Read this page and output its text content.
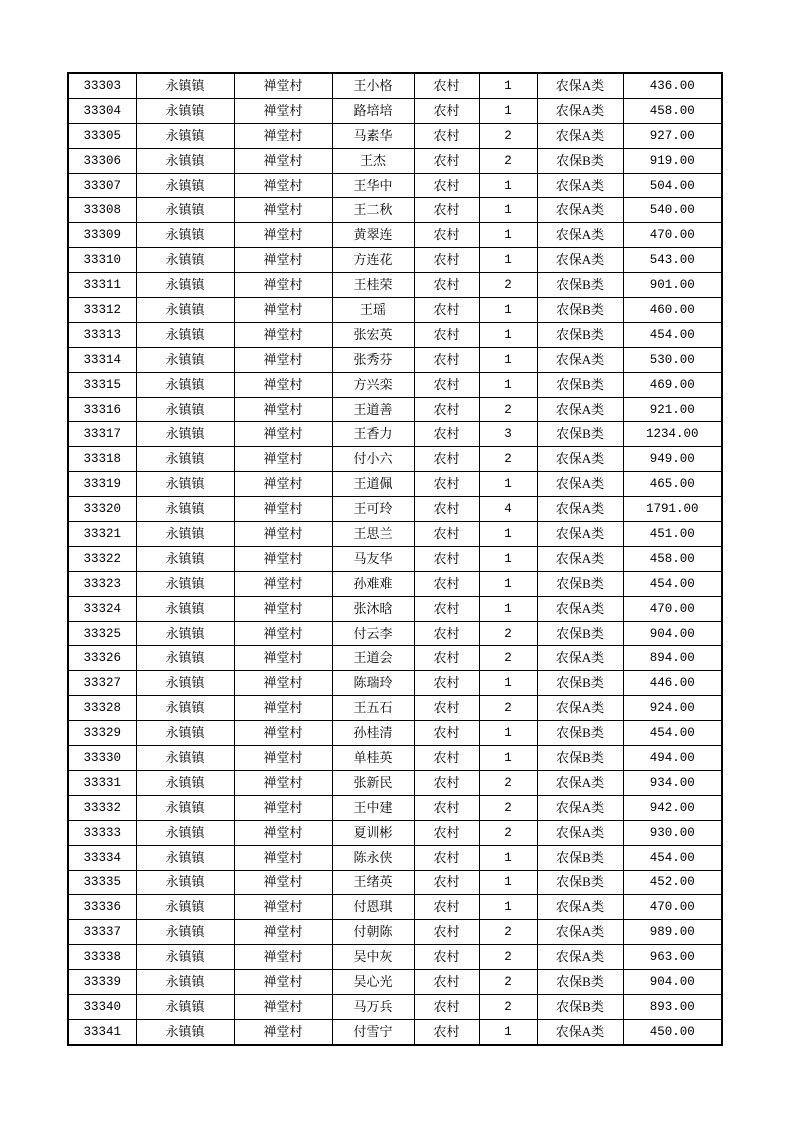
33303	永镇镇	禅堂村	王小格	农村	1	农保A类	436.00
33304	永镇镇	禅堂村	路培培	农村	1	农保A类	458.00
33305	永镇镇	禅堂村	马素华	农村	2	农保A类	927.00
33306	永镇镇	禅堂村	王杰	农村	2	农保B类	919.00
33307	永镇镇	禅堂村	王华中	农村	1	农保A类	504.00
33308	永镇镇	禅堂村	王二秋	农村	1	农保A类	540.00
33309	永镇镇	禅堂村	黄翠连	农村	1	农保A类	470.00
33310	永镇镇	禅堂村	方连花	农村	1	农保A类	543.00
33311	永镇镇	禅堂村	王桂荣	农村	2	农保B类	901.00
33312	永镇镇	禅堂村	王瑶	农村	1	农保B类	460.00
33313	永镇镇	禅堂村	张宏英	农村	1	农保B类	454.00
33314	永镇镇	禅堂村	张秀芬	农村	1	农保A类	530.00
33315	永镇镇	禅堂村	方兴栾	农村	1	农保B类	469.00
33316	永镇镇	禅堂村	王道善	农村	2	农保A类	921.00
33317	永镇镇	禅堂村	王香力	农村	3	农保B类	1234.00
33318	永镇镇	禅堂村	付小六	农村	2	农保A类	949.00
33319	永镇镇	禅堂村	王道佩	农村	1	农保A类	465.00
33320	永镇镇	禅堂村	王可玲	农村	4	农保A类	1791.00
33321	永镇镇	禅堂村	王思兰	农村	1	农保A类	451.00
33322	永镇镇	禅堂村	马友华	农村	1	农保A类	458.00
33323	永镇镇	禅堂村	孙难难	农村	1	农保B类	454.00
33324	永镇镇	禅堂村	张沐晗	农村	1	农保A类	470.00
33325	永镇镇	禅堂村	付云李	农村	2	农保B类	904.00
33326	永镇镇	禅堂村	王道会	农村	2	农保A类	894.00
33327	永镇镇	禅堂村	陈瑞玲	农村	1	农保B类	446.00
33328	永镇镇	禅堂村	王五石	农村	2	农保A类	924.00
33329	永镇镇	禅堂村	孙桂清	农村	1	农保B类	454.00
33330	永镇镇	禅堂村	单桂英	农村	1	农保B类	494.00
33331	永镇镇	禅堂村	张新民	农村	2	农保A类	934.00
33332	永镇镇	禅堂村	王中建	农村	2	农保A类	942.00
33333	永镇镇	禅堂村	夏训彬	农村	2	农保A类	930.00
33334	永镇镇	禅堂村	陈永侠	农村	1	农保B类	454.00
33335	永镇镇	禅堂村	王绪英	农村	1	农保B类	452.00
33336	永镇镇	禅堂村	付恩琪	农村	1	农保A类	470.00
33337	永镇镇	禅堂村	付朝陈	农村	2	农保A类	989.00
33338	永镇镇	禅堂村	吴中灰	农村	2	农保A类	963.00
33339	永镇镇	禅堂村	吴心光	农村	2	农保B类	904.00
33340	永镇镇	禅堂村	马万兵	农村	2	农保B类	893.00
33341	永镇镇	禅堂村	付雪宁	农村	1	农保A类	450.00
